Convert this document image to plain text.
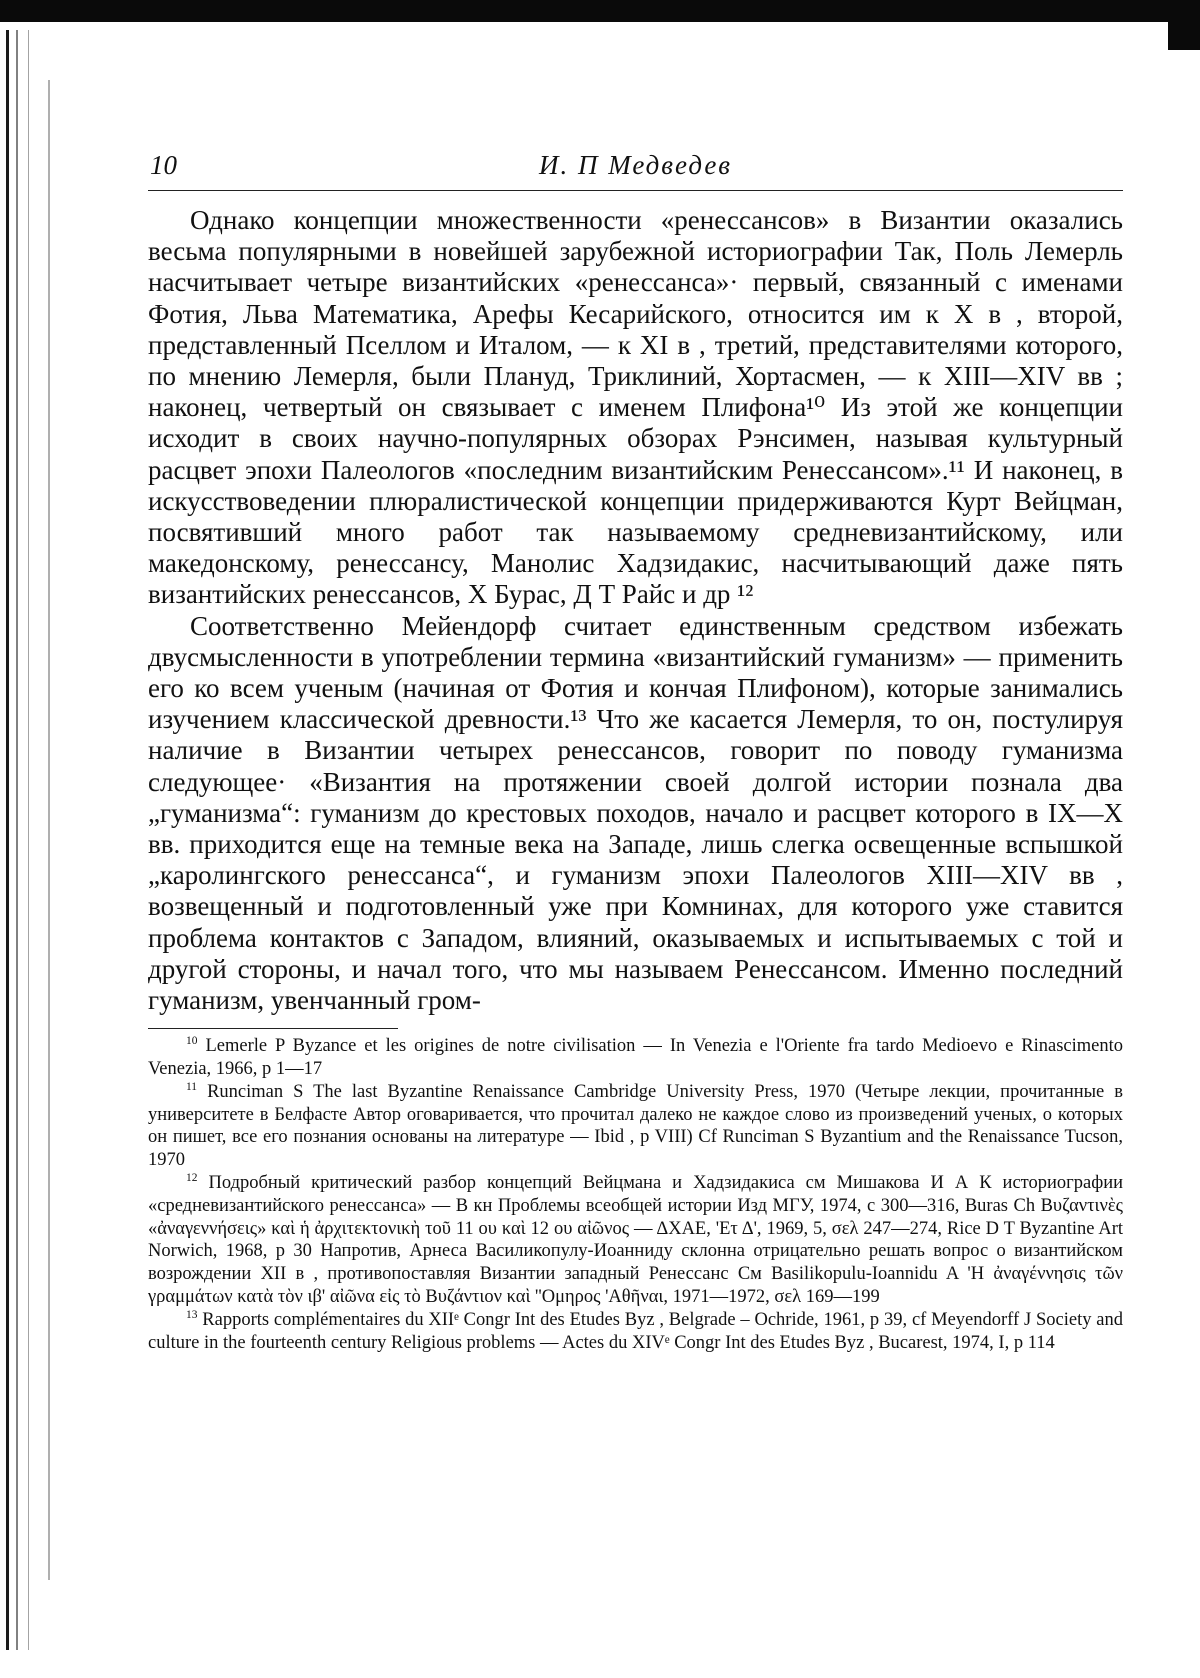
10	И. П Медведев

Однако концепции множественности «ренессансов» в Византии оказались весьма популярными в новейшей зарубежной историографии Так, Поль Лемерль насчитывает четыре византийских «ренессанса»· первый, связанный с именами Фотия, Льва Математика, Арефы Кесарийского, относится им к X в , второй, представленный Пселлом и Италом, — к XI в , третий, представителями которого, по мнению Лемерля, были Плануд, Триклиний, Хортасмен, — к XIII—XIV вв ; наконец, четвертый он связывает с именем Плифона¹⁰ Из этой же концепции исходит в своих научно-популярных обзорах Рэнсимен, называя культурный расцвет эпохи Палеологов «последним византийским Ренессансом».¹¹ И наконец, в искусствоведении плюралистической концепции придерживаются Курт Вейцман, посвятивший много работ так называемому средневизантийскому, или македонскому, ренессансу, Манолис Хадзидакис, насчитывающий даже пять византийских ренессансов, Х Бурас, Д Т Райс и др ¹²

Соответственно Мейендорф считает единственным средством избежать двусмысленности в употреблении термина «византийский гуманизм» — применить его ко всем ученым (начиная от Фотия и кончая Плифоном), которые занимались изучением классической древности.¹³ Что же касается Лемерля, то он, постулируя наличие в Византии четырех ренессансов, говорит по поводу гуманизма следующее· «Византия на протяжении своей долгой истории познала два „гуманизма“: гуманизм до крестовых походов, начало и расцвет которого в IX—X вв. приходится еще на темные века на Западе, лишь слегка освещенные вспышкой „каролингского ренессанса“, и гуманизм эпохи Палеологов XIII—XIV вв , возвещенный и подготовленный уже при Комнинах, для которого уже ставится проблема контактов с Западом, влияний, оказываемых и испытываемых с той и другой стороны, и начал того, что мы называем Ренессансом. Именно последний гуманизм, увенчанный гром-

$^{10}$ Lemerle P Byzance et les origines de notre civilisation — In Venezia e l'Oriente fra tardo Medioevo e Rinascimento Venezia, 1966, p 1—17

$^{11}$ Runciman S The last Byzantine Renaissance Cambridge University Press, 1970 (Четыре лекции, прочитанные в университете в Белфасте Автор оговаривается, что прочитал далеко не каждое слово из произведений ученых, о которых он пишет, все его познания основаны на литературе — Ibid , p VIII) Cf Runciman S Byzantium and the Renaissance Tucson, 1970

$^{12}$ Подробный критический разбор концепций Вейцмана и Хадзидакиса см Мишакова И А К историографии «средневизантийского ренессанса» — В кн Проблемы всеобщей истории Изд МГУ, 1974, с 300—316, Buras Ch Βυζαντινὲς «ἀναγεννήσεις» καὶ ἡ ἀρχιτεκτονικὴ τοῦ 11 ου καὶ 12 ου αἰῶνος — ΔΧΑΕ, 'Ετ Δ', 1969, 5, σελ 247—274, Rice D T Byzantine Art Norwich, 1968, p 30 Напротив, Арнеса Василикопулу-Иоанниду склонна отрицательно решать вопрос о византийском возрождении XII в , противопоставляя Византии западный Ренессанс См Basilikopulu-Ioannidu A 'Η ἀναγέννησις τῶν γραμμάτων κατὰ τὸν ιβ' αἰῶνα εἰς τὸ Βυζάντιον καὶ ''Ομηρος 'Αθῆναι, 1971—1972, σελ 169—199

$^{13}$ Rapports complémentaires du XIIᵉ Congr Int des Etudes Byz , Belgrade – Ochride, 1961, p 39, cf Meyendorff J Society and culture in the fourteenth century Religious problems — Actes du XIVᵉ Congr Int des Etudes Byz , Bucarest, 1974, I, p 114
